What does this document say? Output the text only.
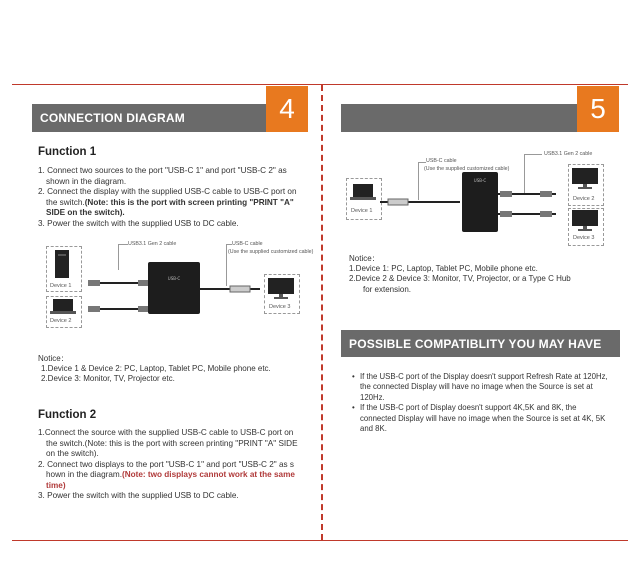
CONNECTION DIAGRAM	4
Function 1
1. Connect two sources to the port "USB-C 1" and port "USB-C 2" as
shown in the diagram.
2. Connect the display with the supplied USB-C cable to USB-C port on
the switch.(Note: this is the port with screen printing "PRINT "A"
SIDE on the switch).
3. Power the switch with the supplied USB to DC cable.
Device 1
Device 2
USB3.1 Gen 2 cable	USB-C cable
(Use the supplied customized cable)
USB-C
Device 3
Notice：
1.Device 1 & Device 2: PC, Laptop, Tablet PC, Mobile phone etc.
2.Device 3: Monitor, TV, Projector etc.
Function 2
1.Connect the source with the supplied USB-C cable to USB-C port on
the switch.(Note: this is the port with screen printing "PRINT "A" SIDE
on the switch).
2. Connect two displays to the port "USB-C 1" and port "USB-C 2" as s
hown in the diagram.(Note: two displays cannot work at the same
time)
3. Power the switch with the supplied USB to DC cable.
5
USB-C cable
(Use the supplied customized cable)
USB3.1 Gen 2 cable
Device 1
USB-C
Device 2
Device 3
Notice：
1.Device 1: PC, Laptop, Tablet PC, Mobile phone etc.
2.Device 2 & Device 3: Monitor, TV, Projector, or a Type C Hub
for extension.
POSSIBLE COMPATIBLITY YOU MAY HAVE
• If the USB-C port of the Display doesn't support Refresh Rate at 120Hz, the connected Display will have no image when the Source is set at 120Hz.
• If the USB-C port of Display doesn't support 4K,5K and 8K, the connected Display will have no image when the Source is set at 4K, 5K and 8K.
